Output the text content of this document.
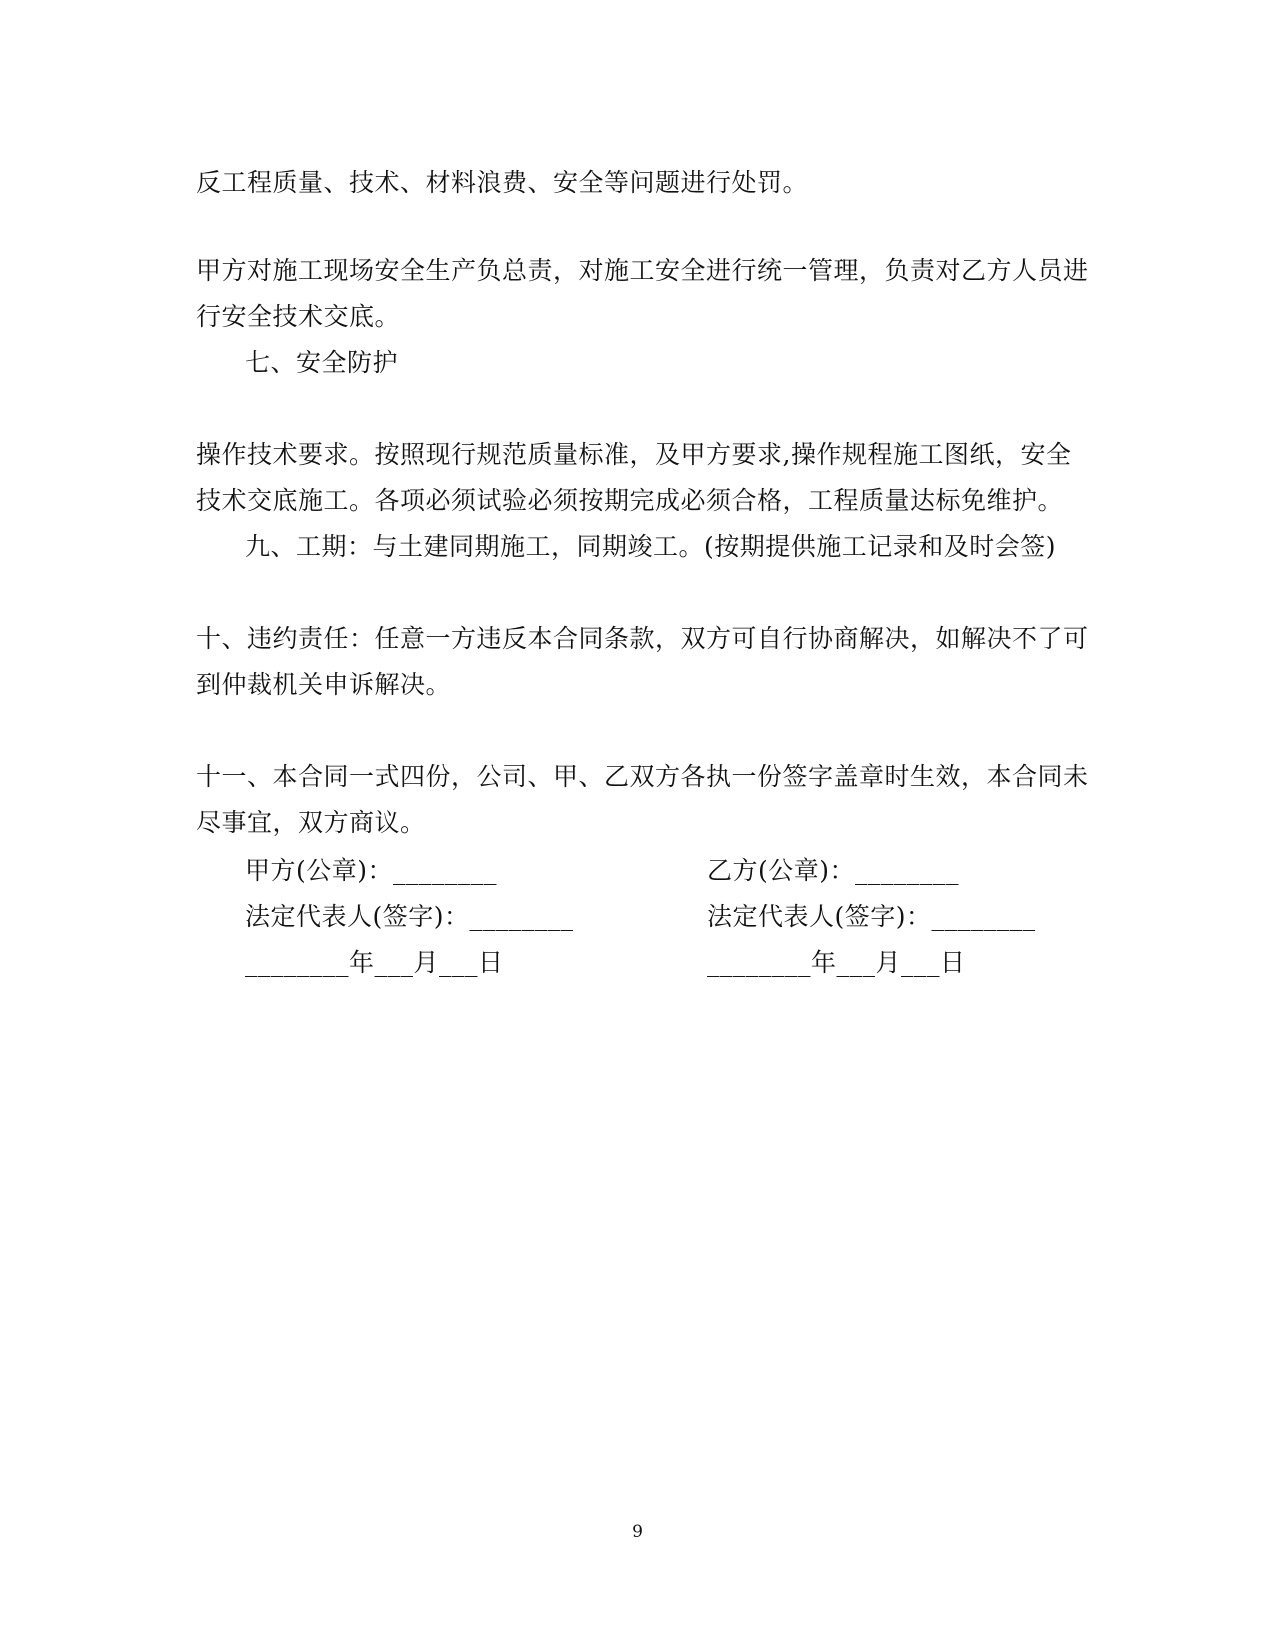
反工程质量、技术、材料浪费、安全等问题进行处罚。
甲方对施工现场安全生产负总责，对施工安全进行统一管理，负责对乙方人员进
行安全技术交底。
七、安全防护
操作技术要求。按照现行规范质量标准，及甲方要求,操作规程施工图纸，安全
技术交底施工。各项必须试验必须按期完成必须合格，工程质量达标免维护。
九、工期：与土建同期施工，同期竣工。(按期提供施工记录和及时会签)
十、违约责任：任意一方违反本合同条款，双方可自行协商解决，如解决不了可
到仲裁机关申诉解决。
十一、本合同一式四份，公司、甲、乙双方各执一份签字盖章时生效，本合同未
尽事宜，双方商议。
甲方(公章)：________	乙方(公章)：________
法定代表人(签字)：________	法定代表人(签字)：________
________年___月___日	________年___月___日
9
